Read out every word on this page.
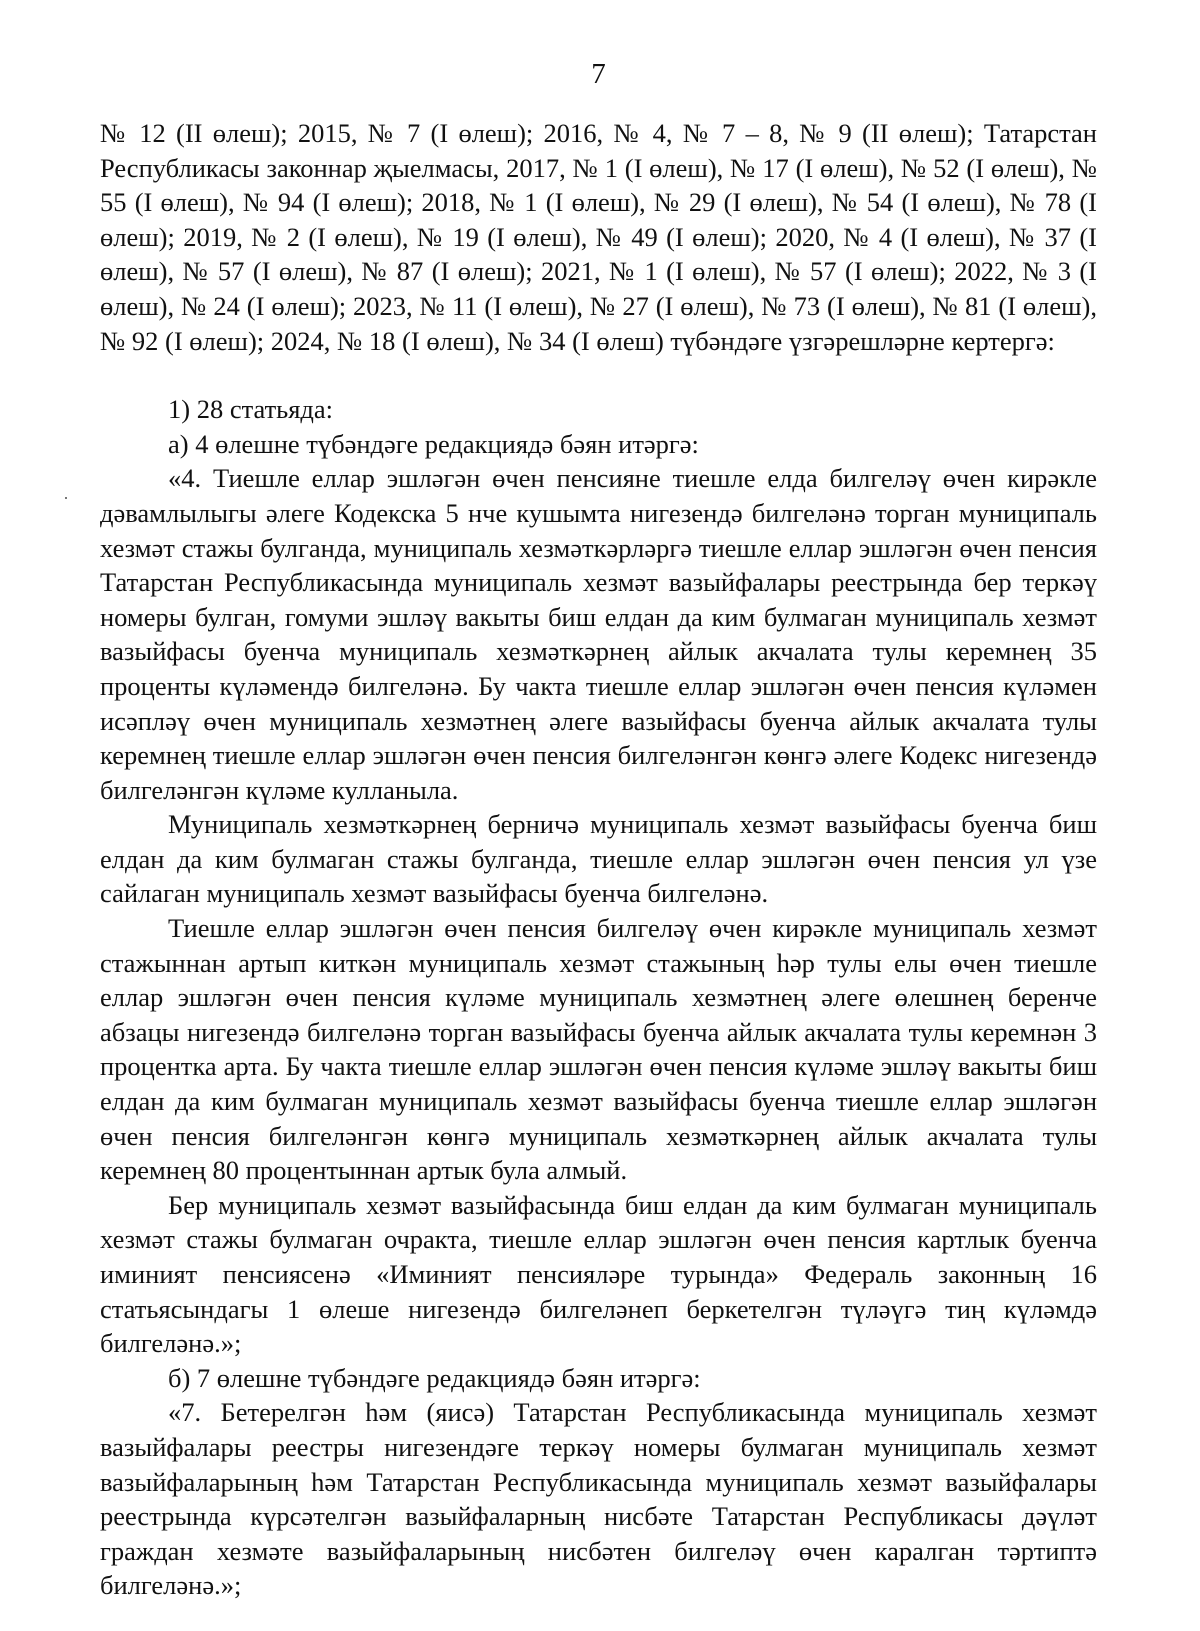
7

№ 12 (II өлеш); 2015, № 7 (I өлеш); 2016, № 4, № 7 – 8, № 9 (II өлеш); Татарстан Республикасы законнар җыелмасы, 2017, № 1 (I өлеш), № 17 (I өлеш), № 52 (I өлеш), № 55 (I өлеш), № 94 (I өлеш); 2018, № 1 (I өлеш), № 29 (I өлеш), № 54 (I өлеш), № 78 (I өлеш); 2019, № 2 (I өлеш), № 19 (I өлеш), № 49 (I өлеш); 2020, № 4 (I өлеш), № 37 (I өлеш), № 57 (I өлеш), № 87 (I өлеш); 2021, № 1 (I өлеш), № 57 (I өлеш); 2022, № 3 (I өлеш), № 24 (I өлеш); 2023, № 11 (I өлеш), № 27 (I өлеш), № 73 (I өлеш), № 81 (I өлеш), № 92 (I өлеш); 2024, № 18 (I өлеш), № 34 (I өлеш) түбәндәге үзгәрешләрне кертергә:

1) 28 статьяда:

а) 4 өлешне түбәндәге редакциядә бәян итәргә:

«4. Тиешле еллар эшләгән өчен пенсияне тиешле елда билгеләү өчен кирәкле дәвамлылыгы әлеге Кодекска 5 нче кушымта нигезендә билгеләнә торган муниципаль хезмәт стажы булганда, муниципаль хезмәткәрләргә тиешле еллар эшләгән өчен пенсия Татарстан Республикасында муниципаль хезмәт вазыйфалары реестрында бер теркәү номеры булган, гомуми эшләү вакыты биш елдан да ким булмаган муниципаль хезмәт вазыйфасы буенча муниципаль хезмәткәрнең айлык акчалата тулы керемнең 35 проценты күләмендә билгеләнә. Бу чакта тиешле еллар эшләгән өчен пенсия күләмен исәпләү өчен муниципаль хезмәтнең әлеге вазыйфасы буенча айлык акчалата тулы керемнең тиешле еллар эшләгән өчен пенсия билгеләнгән көнгә әлеге Кодекс нигезендә билгеләнгән күләме кулланыла.

Муниципаль хезмәткәрнең берничә муниципаль хезмәт вазыйфасы буенча биш елдан да ким булмаган стажы булганда, тиешле еллар эшләгән өчен пенсия ул үзе сайлаган муниципаль хезмәт вазыйфасы буенча билгеләнә.

Тиешле еллар эшләгән өчен пенсия билгеләү өчен кирәкле муниципаль хезмәт стажыннан артып киткән муниципаль хезмәт стажының һәр тулы елы өчен тиешле еллар эшләгән өчен пенсия күләме муниципаль хезмәтнең әлеге өлешнең беренче абзацы нигезендә билгеләнә торган вазыйфасы буенча айлык акчалата тулы керемнән 3 процентка арта. Бу чакта тиешле еллар эшләгән өчен пенсия күләме эшләү вакыты биш елдан да ким булмаган муниципаль хезмәт вазыйфасы буенча тиешле еллар эшләгән өчен пенсия билгеләнгән көнгә муниципаль хезмәткәрнең айлык акчалата тулы керемнең 80 процентыннан артык була алмый.

Бер муниципаль хезмәт вазыйфасында биш елдан да ким булмаган муниципаль хезмәт стажы булмаган очракта, тиешле еллар эшләгән өчен пенсия картлык буенча иминият пенсиясенә «Иминият пенсияләре турында» Федераль законның 16 статьясындагы 1 өлеше нигезендә билгеләнеп беркетелгән түләүгә тиң күләмдә билгеләнә.»;

б) 7 өлешне түбәндәге редакциядә бәян итәргә:

«7. Бетерелгән һәм (яисә) Татарстан Республикасында муниципаль хезмәт вазыйфалары реестры нигезендәге теркәү номеры булмаган муниципаль хезмәт вазыйфаларының һәм Татарстан Республикасында муниципаль хезмәт вазыйфалары реестрында күрсәтелгән вазыйфаларның нисбәте Татарстан Республикасы дәүләт граждан хезмәте вазыйфаларының нисбәтен билгеләү өчен каралган тәртиптә билгеләнә.»;
